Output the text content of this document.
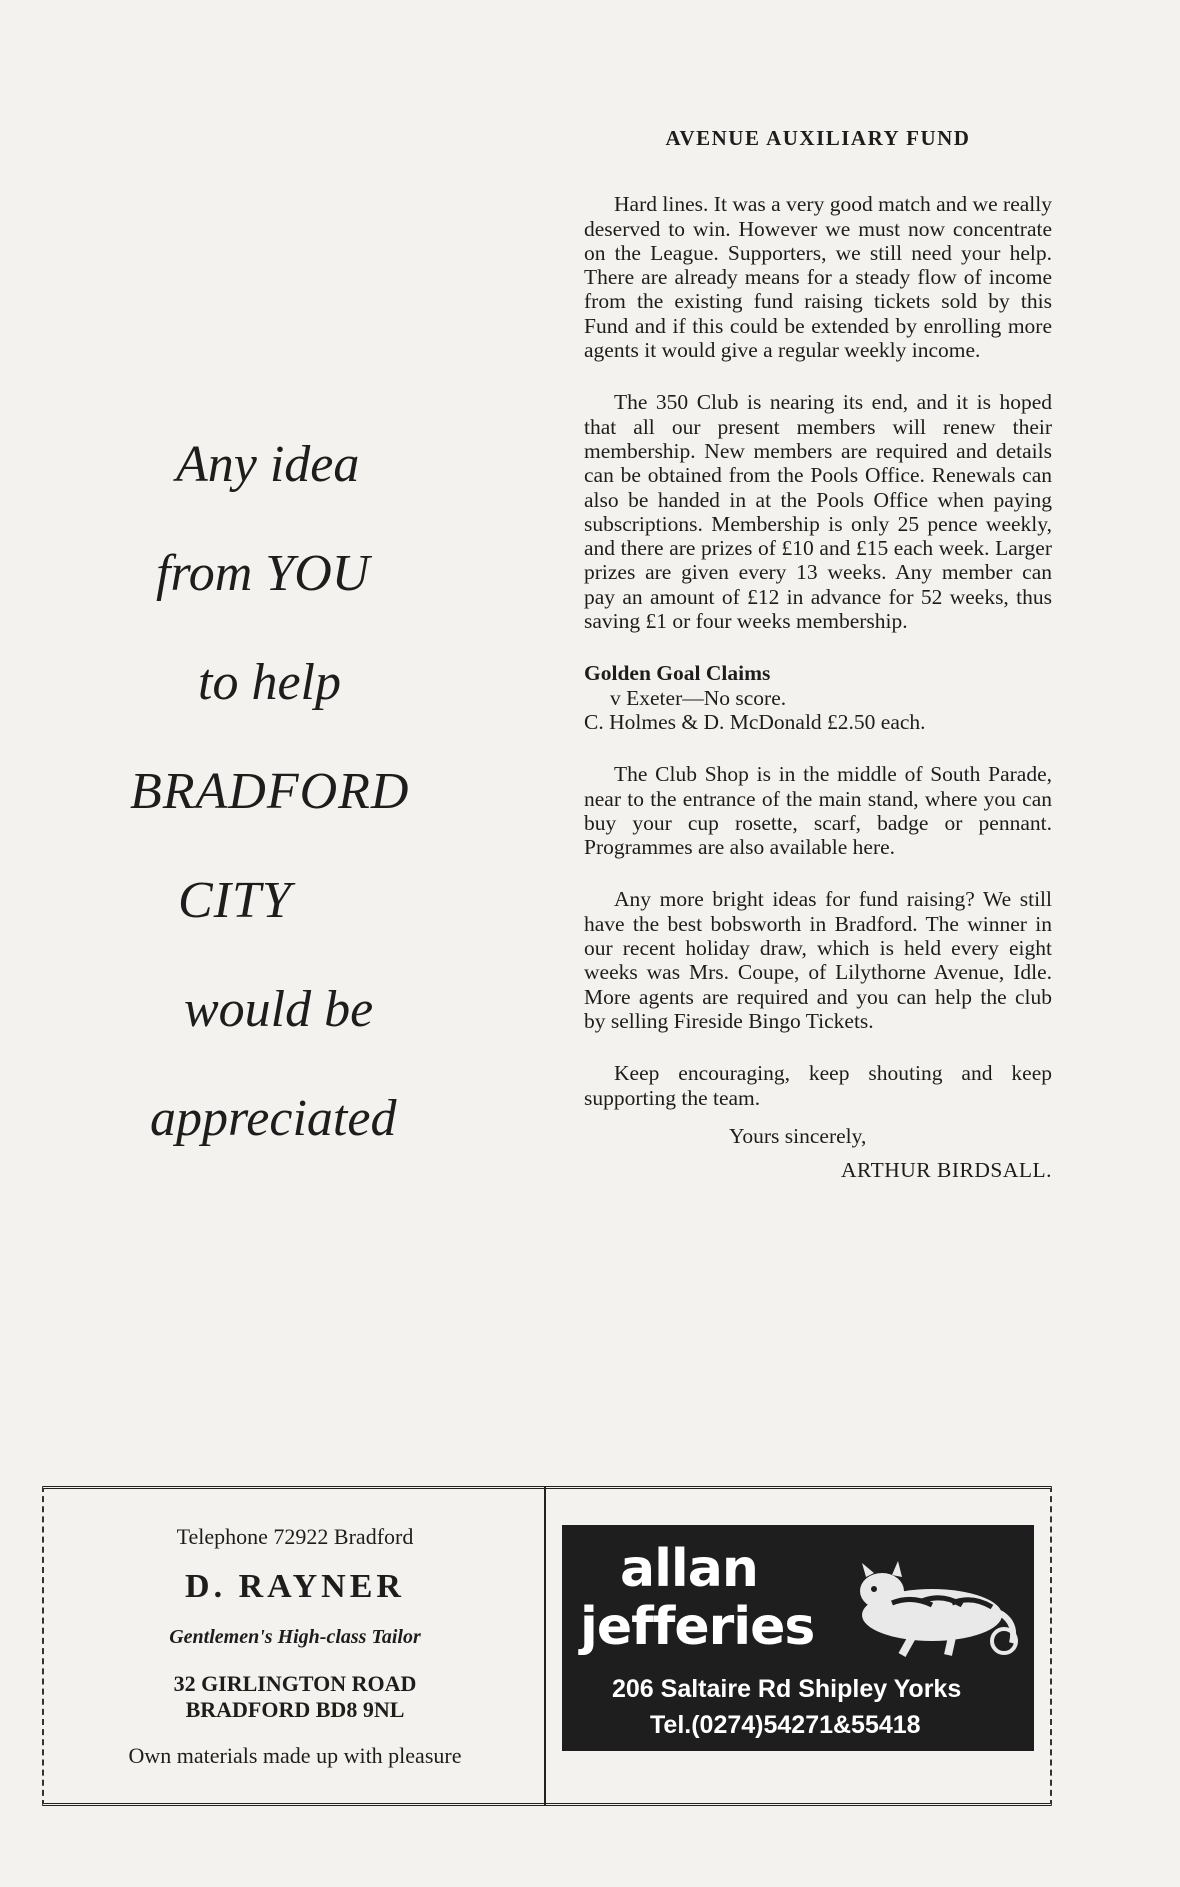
AVENUE AUXILIARY FUND

Hard lines. It was a very good match and we really deserved to win. However we must now concentrate on the League. Supporters, we still need your help. There are already means for a steady flow of income from the existing fund raising tickets sold by this Fund and if this could be extended by enrolling more agents it would give a regular weekly income.

The 350 Club is nearing its end, and it is hoped that all our present members will renew their membership. New members are required and details can be obtained from the Pools Office. Renewals can also be handed in at the Pools Office when paying subscriptions. Membership is only 25 pence weekly, and there are prizes of £10 and £15 each week. Larger prizes are given every 13 weeks. Any member can pay an amount of £12 in advance for 52 weeks, thus saving £1 or four weeks membership.

Golden Goal Claims
v Exeter—No score.
C. Holmes & D. McDonald £2.50 each.

The Club Shop is in the middle of South Parade, near to the entrance of the main stand, where you can buy your cup rosette, scarf, badge or pennant. Programmes are also available here.

Any more bright ideas for fund raising? We still have the best bobsworth in Bradford. The winner in our recent holiday draw, which is held every eight weeks was Mrs. Coupe, of Lilythorne Avenue, Idle. More agents are required and you can help the club by selling Fireside Bingo Tickets.

Keep encouraging, keep shouting and keep supporting the team.

Yours sincerely,

ARTHUR BIRDSALL.

Any idea
from YOU
to help
BRADFORD
CITY
would be
appreciated
Telephone 72922 Bradford
D. RAYNER
Gentlemen's High-class Tailor
32 GIRLINGTON ROAD
BRADFORD BD8 9NL
Own materials made up with pleasure
allan
jefferies
206 Saltaire Rd Shipley Yorks
Tel.(0274)54271&55418
